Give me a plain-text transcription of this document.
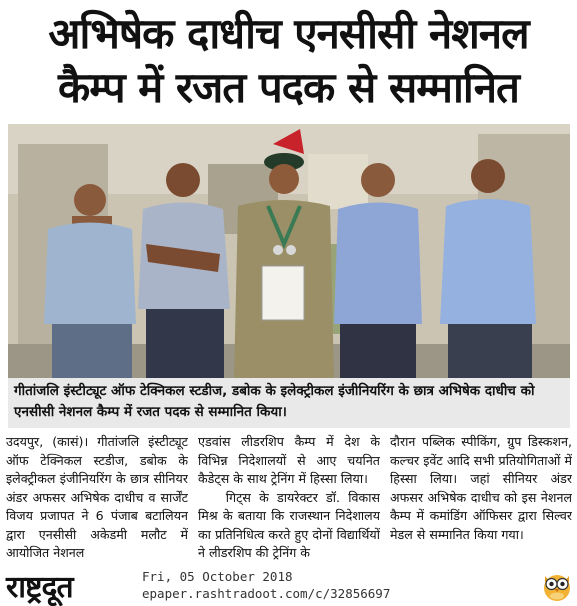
अभिषेक दाधीच एनसीसी नेशनल
कैम्प में रजत पदक से सम्मानित
गीतांजलि इंस्टीट्यूट ऑफ टेक्निकल स्टडीज, डबोक के इलेक्ट्रीकल इंजीनियरिंग के छात्र अभिषेक दाधीच को एनसीसी नेशनल कैम्प में रजत पदक से सम्मानित किया।

उदयपुर, (कासं)। गीतांजलि इंस्टीट्यूट ऑफ टेक्निकल स्टडीज, डबोक के इलेक्ट्रीकल इंजीनियरिंग के छात्र सीनियर अंडर अफसर अभिषेक दाधीच व सार्जेंट विजय प्रजापत ने 6 पंजाब बटालियन द्वारा एनसीसी अकेडमी मलौट में आयोजित नेशनल

एडवांस लीडरशिप कैम्प में देश के विभिन्न निदेशालयों से आए चयनित कैडेट्स के साथ ट्रेनिंग में हिस्सा लिया।

गिट्स के डायरेक्टर डॉ. विकास मिश्र के बताया कि राजस्थान निदेशालय का प्रतिनिधित्व करते हुए दोनों विद्यार्थियों ने लीडरशिप की ट्रेनिंग के

दौरान पब्लिक स्पीकिंग, ग्रुप डिस्कशन, कल्चर इवेंट आदि सभी प्रतियोगिताओं में हिस्सा लिया। जहां सीनियर अंडर अफसर अभिषेक दाधीच को इस नेशनल कैम्प में कमांडिंग ऑफिसर द्वारा सिल्वर मेडल से सम्मानित किया गया।

राष्ट्रदूत	Fri, 05 October 2018
epaper.rashtradoot.com/c/32856697
